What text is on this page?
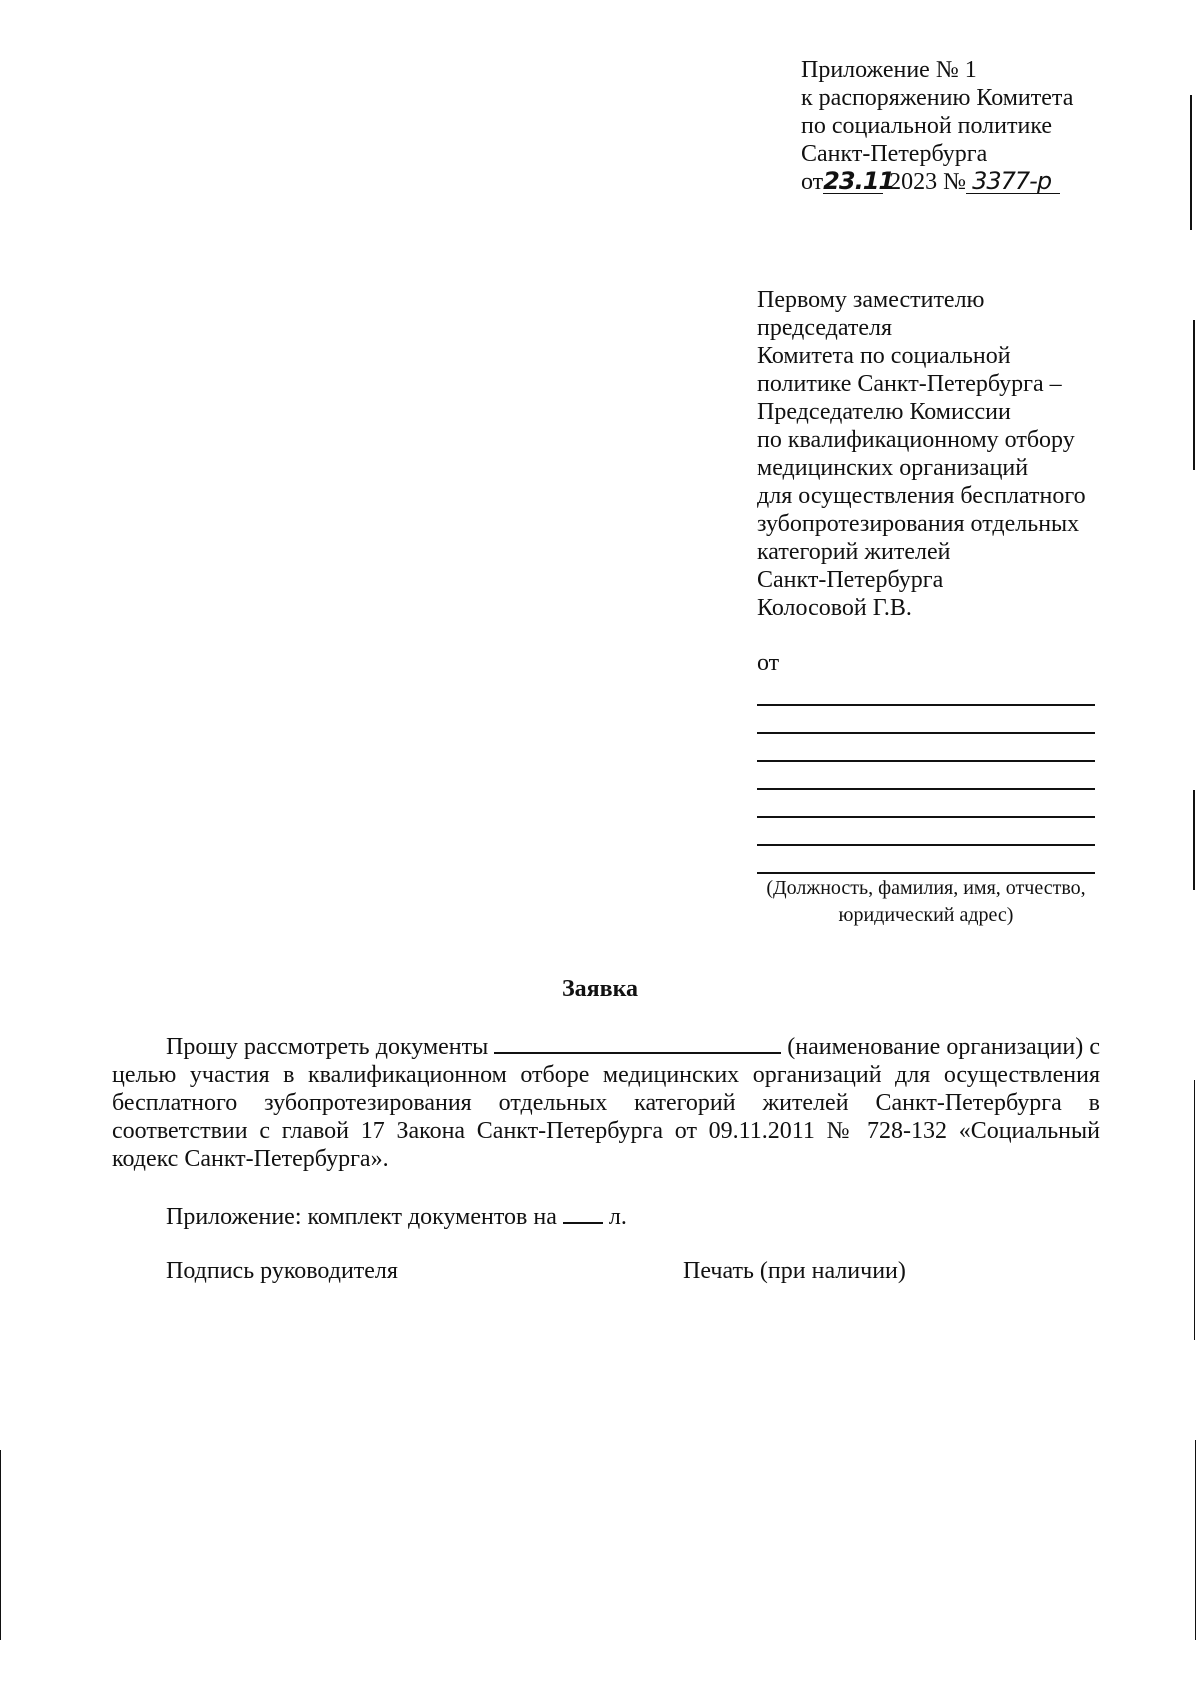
Приложение № 1
к распоряжению Комитета
по социальной политике
Санкт-Петербурга
от23.11 2023 № 3377-р
Первому заместителю
председателя
Комитета по социальной
политике Санкт-Петербурга –
Председателю Комиссии
по квалификационному отбору
медицинских организаций
для осуществления бесплатного
зубопротезирования отдельных
категорий жителей
Санкт-Петербурга
Колосовой Г.В.
от
(Должность, фамилия, имя, отчество,
юридический адрес)
Заявка

Прошу рассмотреть документы	(наименование организации) с целью участия в квалификационном отборе медицинских организаций для осуществления бесплатного зубопротезирования отдельных категорий жителей Санкт-Петербурга в соответствии с главой 17 Закона Санкт-Петербурга от 09.11.2011 № 728-132 «Социальный кодекс Санкт-Петербурга».

Приложение: комплект документов на л.
Подпись руководителя	Печать (при наличии)
